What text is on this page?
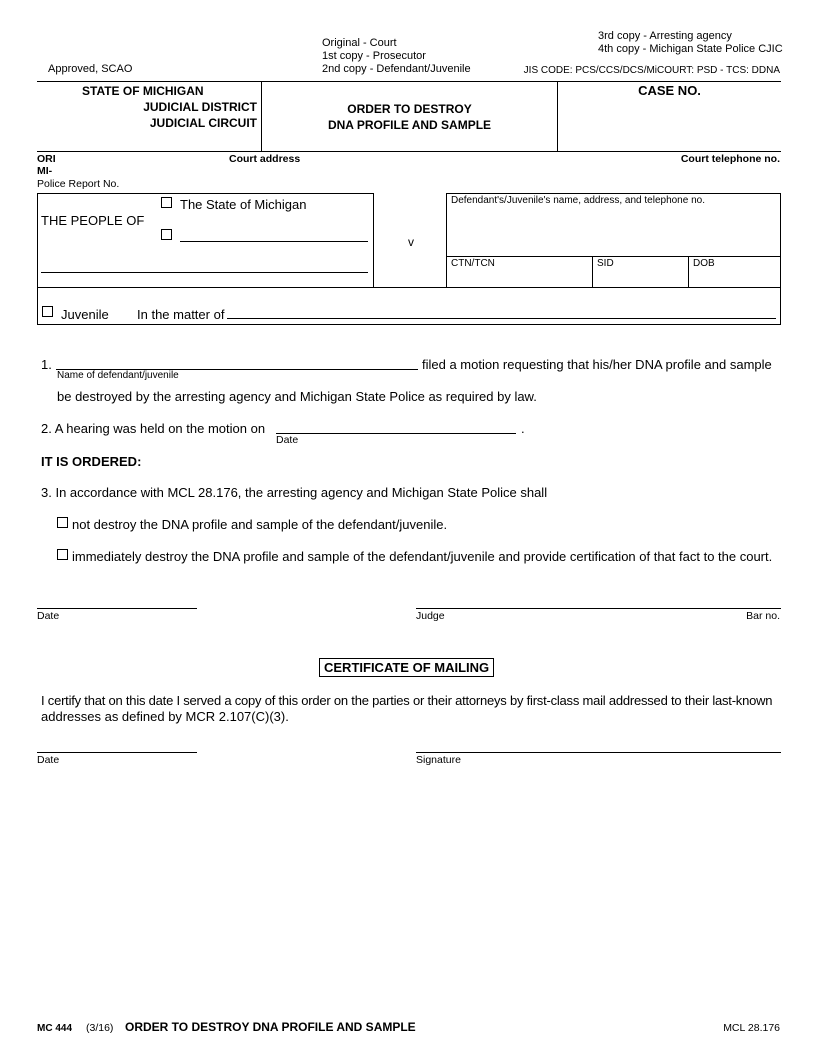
Approved, SCAO
Original - Court
1st copy - Prosecutor
2nd copy - Defendant/Juvenile
3rd copy - Arresting agency
4th copy - Michigan State Police CJIC
JIS CODE: PCS/CCS/DCS/MiCOURT: PSD - TCS: DDNA
STATE OF MICHIGAN
JUDICIAL DISTRICT
JUDICIAL CIRCUIT
ORDER TO DESTROY
DNA PROFILE AND SAMPLE
CASE NO.
ORI
MI-
Police Report No.
Court address	Court telephone no.
THE PEOPLE OF
The State of Michigan
v
Defendant's/Juvenile's name, address, and telephone no.
CTN/TCN	SID	DOB
Juvenile In the matter of
1.
Name of defendant/juvenile
filed a motion requesting that his/her DNA profile and sample
be destroyed by the arresting agency and Michigan State Police as required by law.
2. A hearing was held on the motion on	.
Date
IT IS ORDERED:
3. In accordance with MCL 28.176, the arresting agency and Michigan State Police shall
not destroy the DNA profile and sample of the defendant/juvenile.
immediately destroy the DNA profile and sample of the defendant/juvenile and provide certification of that fact to the court.
Date	Judge	Bar no.
CERTIFICATE OF MAILING
I certify that on this date I served a copy of this order on the parties or their attorneys by first-class mail addressed to their last-known
addresses as defined by MCR 2.107(C)(3).
Date	Signature
MC 444 (3/16) ORDER TO DESTROY DNA PROFILE AND SAMPLE	MCL 28.176
